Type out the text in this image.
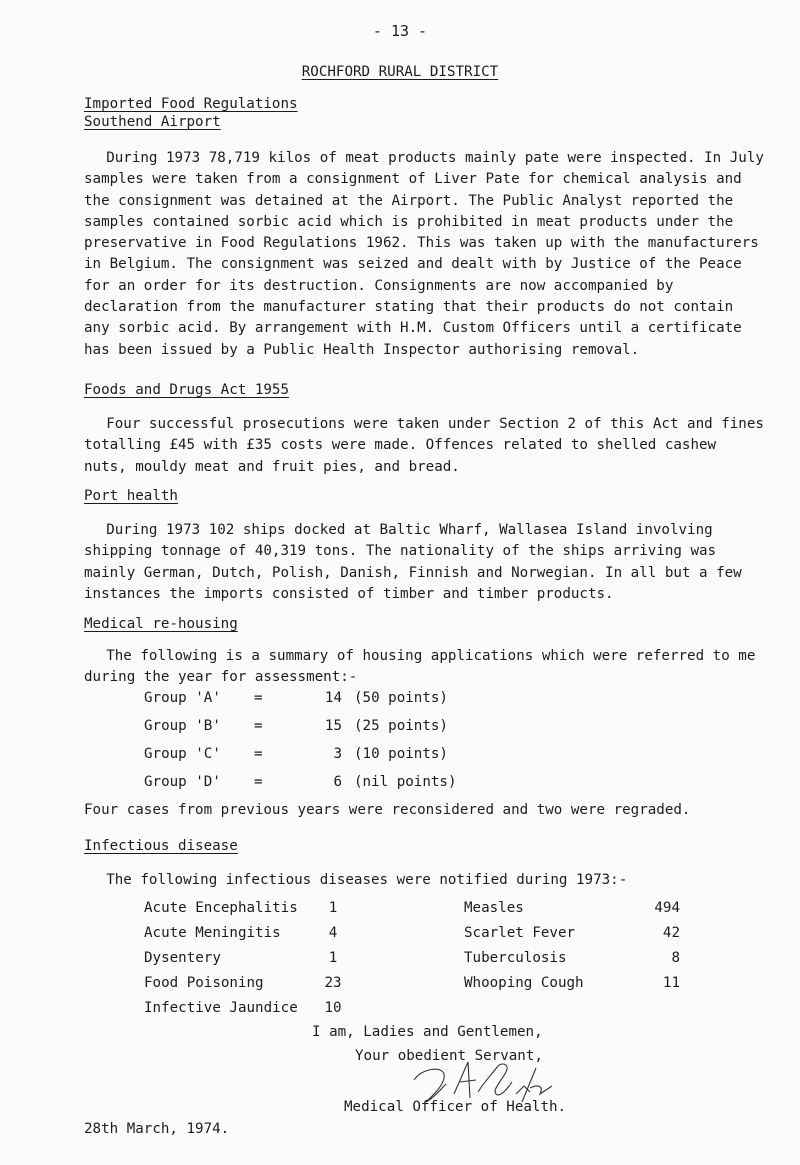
- 13 -
ROCHFORD RURAL DISTRICT
Imported Food Regulations
Southend Airport
During 1973 78,719 kilos of meat products mainly pate were inspected. In July samples were taken from a consignment of Liver Pate for chemical analysis and the consignment was detained at the Airport. The Public Analyst reported the samples contained sorbic acid which is prohibited in meat products under the preservative in Food Regulations 1962. This was taken up with the manufacturers in Belgium. The consignment was seized and dealt with by Justice of the Peace for an order for its destruction. Consignments are now accompanied by declaration from the manufacturer stating that their products do not contain any sorbic acid. By arrangement with H.M. Custom Officers until a certificate has been issued by a Public Health Inspector authorising removal.
Foods and Drugs Act 1955
Four successful prosecutions were taken under Section 2 of this Act and fines totalling £45 with £35 costs were made. Offences related to shelled cashew nuts, mouldy meat and fruit pies, and bread.
Port health
During 1973 102 ships docked at Baltic Wharf, Wallasea Island involving shipping tonnage of 40,319 tons. The nationality of the ships arriving was mainly German, Dutch, Polish, Danish, Finnish and Norwegian. In all but a few instances the imports consisted of timber and timber products.
Medical re-housing
The following is a summary of housing applications which were referred to me during the year for assessment:-
Group 'A' =	14 (50 points)
Group 'B' =	15 (25 points)
Group 'C' =	3 (10 points)
Group 'D' =	6 (nil points)
Four cases from previous years were reconsidered and two were regraded.
Infectious disease
The following infectious diseases were notified during 1973:-
Acute Encephalitis	1
Acute Meningitis	4
Dysentery	1
Food Poisoning	23
Infective Jaundice	10
Measles	494
Scarlet Fever	42
Tuberculosis	8
Whooping Cough	11
I am, Ladies and Gentlemen,
Your obedient Servant,
Medical Officer of Health.
28th March, 1974.
